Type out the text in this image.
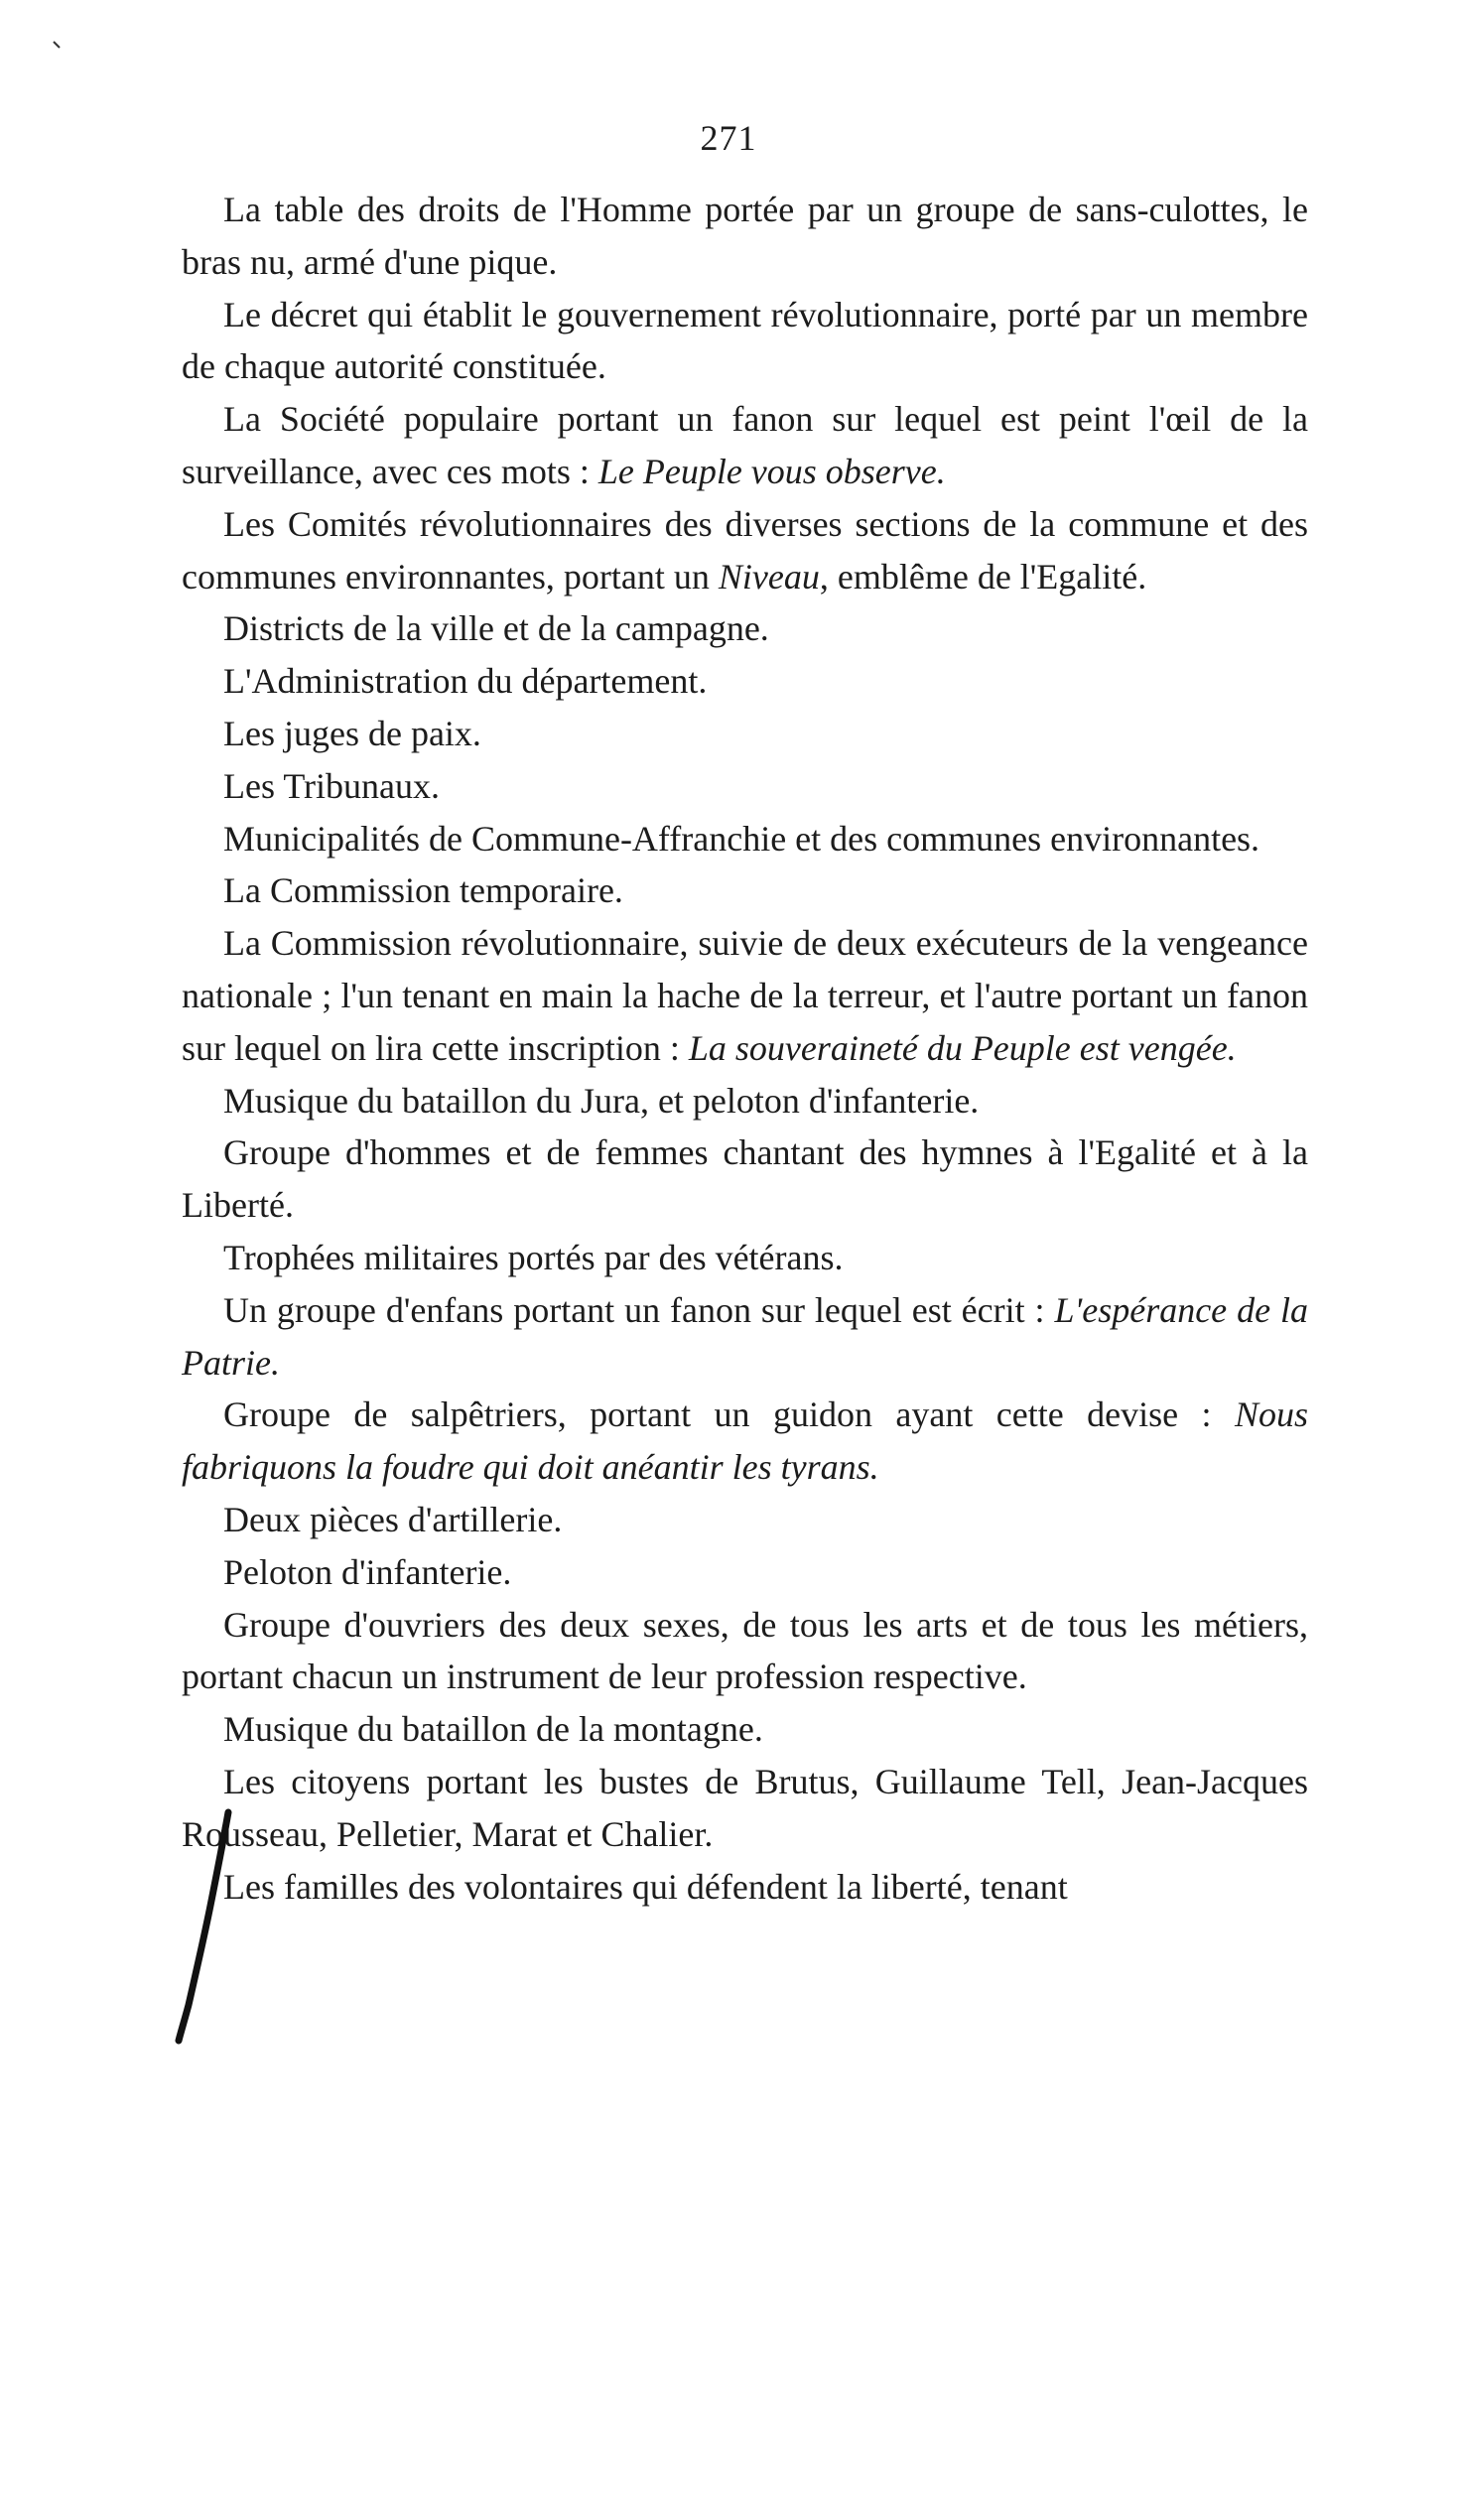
271

La table des droits de l'Homme portée par un groupe de sans-culottes, le bras nu, armé d'une pique.

Le décret qui établit le gouvernement révolutionnaire, porté par un membre de chaque autorité constituée.

La Société populaire portant un fanon sur lequel est peint l'œil de la surveillance, avec ces mots : Le Peuple vous observe.

Les Comités révolutionnaires des diverses sections de la commune et des communes environnantes, portant un Niveau, emblême de l'Egalité.

Districts de la ville et de la campagne.

L'Administration du département.

Les juges de paix.

Les Tribunaux.

Municipalités de Commune-Affranchie et des communes environnantes.

La Commission temporaire.

La Commission révolutionnaire, suivie de deux exécuteurs de la vengeance nationale ; l'un tenant en main la hache de la terreur, et l'autre portant un fanon sur lequel on lira cette inscription : La souveraineté du Peuple est vengée.

Musique du bataillon du Jura, et peloton d'infanterie.

Groupe d'hommes et de femmes chantant des hymnes à l'Egalité et à la Liberté.

Trophées militaires portés par des vétérans.

Un groupe d'enfans portant un fanon sur lequel est écrit : L'espérance de la Patrie.

Groupe de salpêtriers, portant un guidon ayant cette devise : Nous fabriquons la foudre qui doit anéantir les tyrans.

Deux pièces d'artillerie.

Peloton d'infanterie.

Groupe d'ouvriers des deux sexes, de tous les arts et de tous les métiers, portant chacun un instrument de leur profession respective.

Musique du bataillon de la montagne.

Les citoyens portant les bustes de Brutus, Guillaume Tell, Jean-Jacques Rousseau, Pelletier, Marat et Chalier.

Les familles des volontaires qui défendent la liberté, tenant
